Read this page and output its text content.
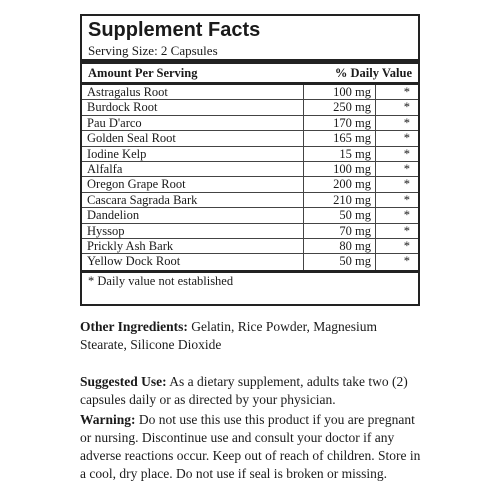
Supplement Facts
Serving Size: 2 Capsules
Amount Per Serving	% Daily Value
Astragalus Root	100 mg	*
Burdock Root	250 mg	*
Pau D'arco	170 mg	*
Golden Seal Root	165 mg	*
Iodine Kelp	15 mg	*
Alfalfa	100 mg	*
Oregon Grape Root	200 mg	*
Cascara Sagrada Bark	210 mg	*
Dandelion	50 mg	*
Hyssop	70 mg	*
Prickly Ash Bark	80 mg	*
Yellow Dock Root	50 mg	*
* Daily value not established
Other Ingredients: Gelatin, Rice Powder, Magnesium Stearate, Silicone Dioxide
Suggested Use: As a dietary supplement, adults take two (2) capsules daily or as directed by your physician.
Warning: Do not use this use this product if you are pregnant or nursing. Discontinue use and consult your doctor if any adverse reactions occur. Keep out of reach of children. Store in a cool, dry place. Do not use if seal is broken or missing.
